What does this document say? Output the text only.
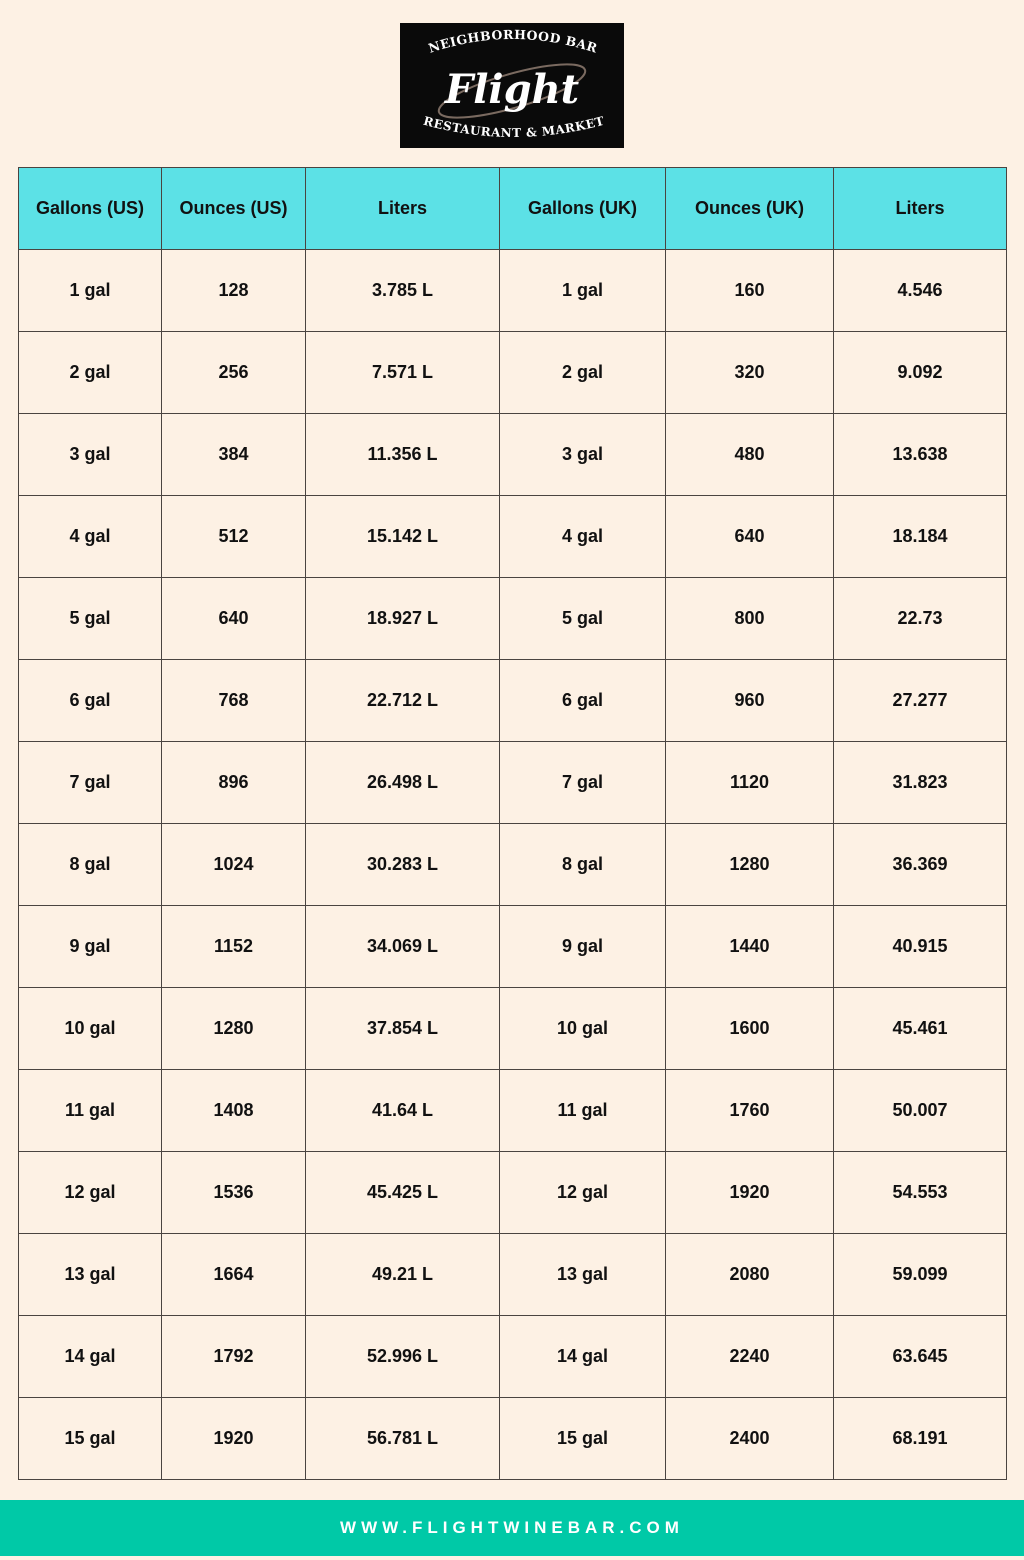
NEIGHBORHOOD BAR
Flight
RESTAURANT & MARKET
Gallons (US)	Ounces (US)	Liters	Gallons (UK)	Ounces (UK)	Liters
1 gal	128	3.785 L	1 gal	160	4.546
2 gal	256	7.571 L	2 gal	320	9.092
3 gal	384	11.356 L	3 gal	480	13.638
4 gal	512	15.142 L	4 gal	640	18.184
5 gal	640	18.927 L	5 gal	800	22.73
6 gal	768	22.712 L	6 gal	960	27.277
7 gal	896	26.498 L	7 gal	1120	31.823
8 gal	1024	30.283 L	8 gal	1280	36.369
9 gal	1152	34.069 L	9 gal	1440	40.915
10 gal	1280	37.854 L	10 gal	1600	45.461
11 gal	1408	41.64 L	11 gal	1760	50.007
12 gal	1536	45.425 L	12 gal	1920	54.553
13 gal	1664	49.21 L	13 gal	2080	59.099
14 gal	1792	52.996 L	14 gal	2240	63.645
15 gal	1920	56.781 L	15 gal	2400	68.191
WWW.FLIGHTWINEBAR.COM
